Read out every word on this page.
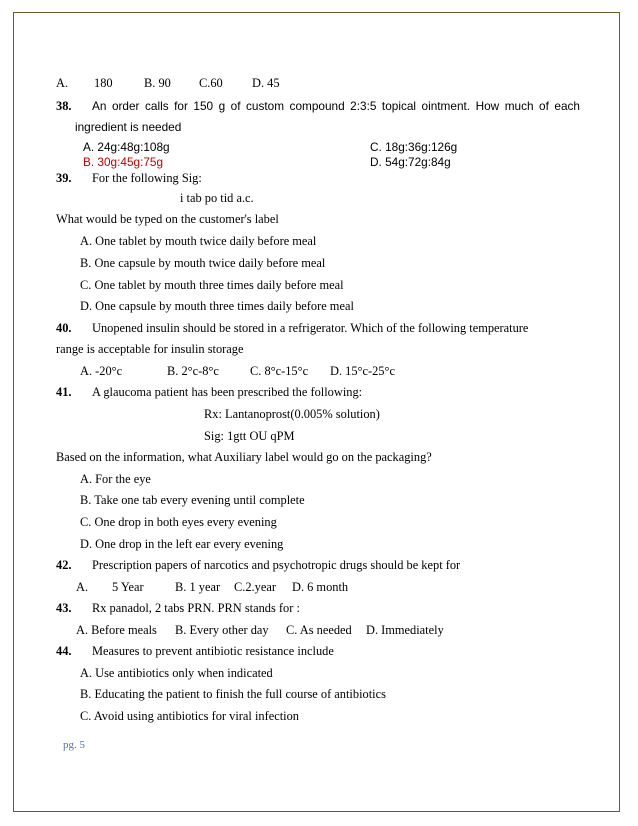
A. 180	B. 90 C.60 D. 45
38. An order calls for 150 g of custom compound 2:3:5 topical ointment. How much of each
ingredient is needed
A. 24g:48g:108g
B. 30g:45g:75g
C. 18g:36g:126g
D. 54g:72g:84g
39. For the following Sig:
i tab po tid a.c.
What would be typed on the customer's label
A. One tablet by mouth twice daily before meal
B. One capsule by mouth twice daily before meal
C. One tablet by mouth three times daily before meal
D. One capsule by mouth three times daily before meal
40. Unopened insulin should be stored in a refrigerator. Which of the following temperature
range is acceptable for insulin storage
A. -20°c	B. 2°c-8°c	C. 8°c-15°c D. 15°c-25°c
41. A glaucoma patient has been prescribed the following:
Rx: Lantanoprost(0.005% solution)
Sig: 1gtt OU qPM
Based on the information, what Auxiliary label would go on the packaging?
A. For the eye
B. Take one tab every evening until complete
C. One drop in both eyes every evening
D. One drop in the left ear every evening
42. Prescription papers of narcotics and psychotropic drugs should be kept for
A. 5 Year	B. 1 year C.2.year D. 6 month
43. Rx panadol, 2 tabs PRN. PRN stands for :
A. Before meals B. Every other day C. As needed D. Immediately
44. Measures to prevent antibiotic resistance include
A. Use antibiotics only when indicated
B. Educating the patient to finish the full course of antibiotics
C. Avoid using antibiotics for viral infection
pg. 5
